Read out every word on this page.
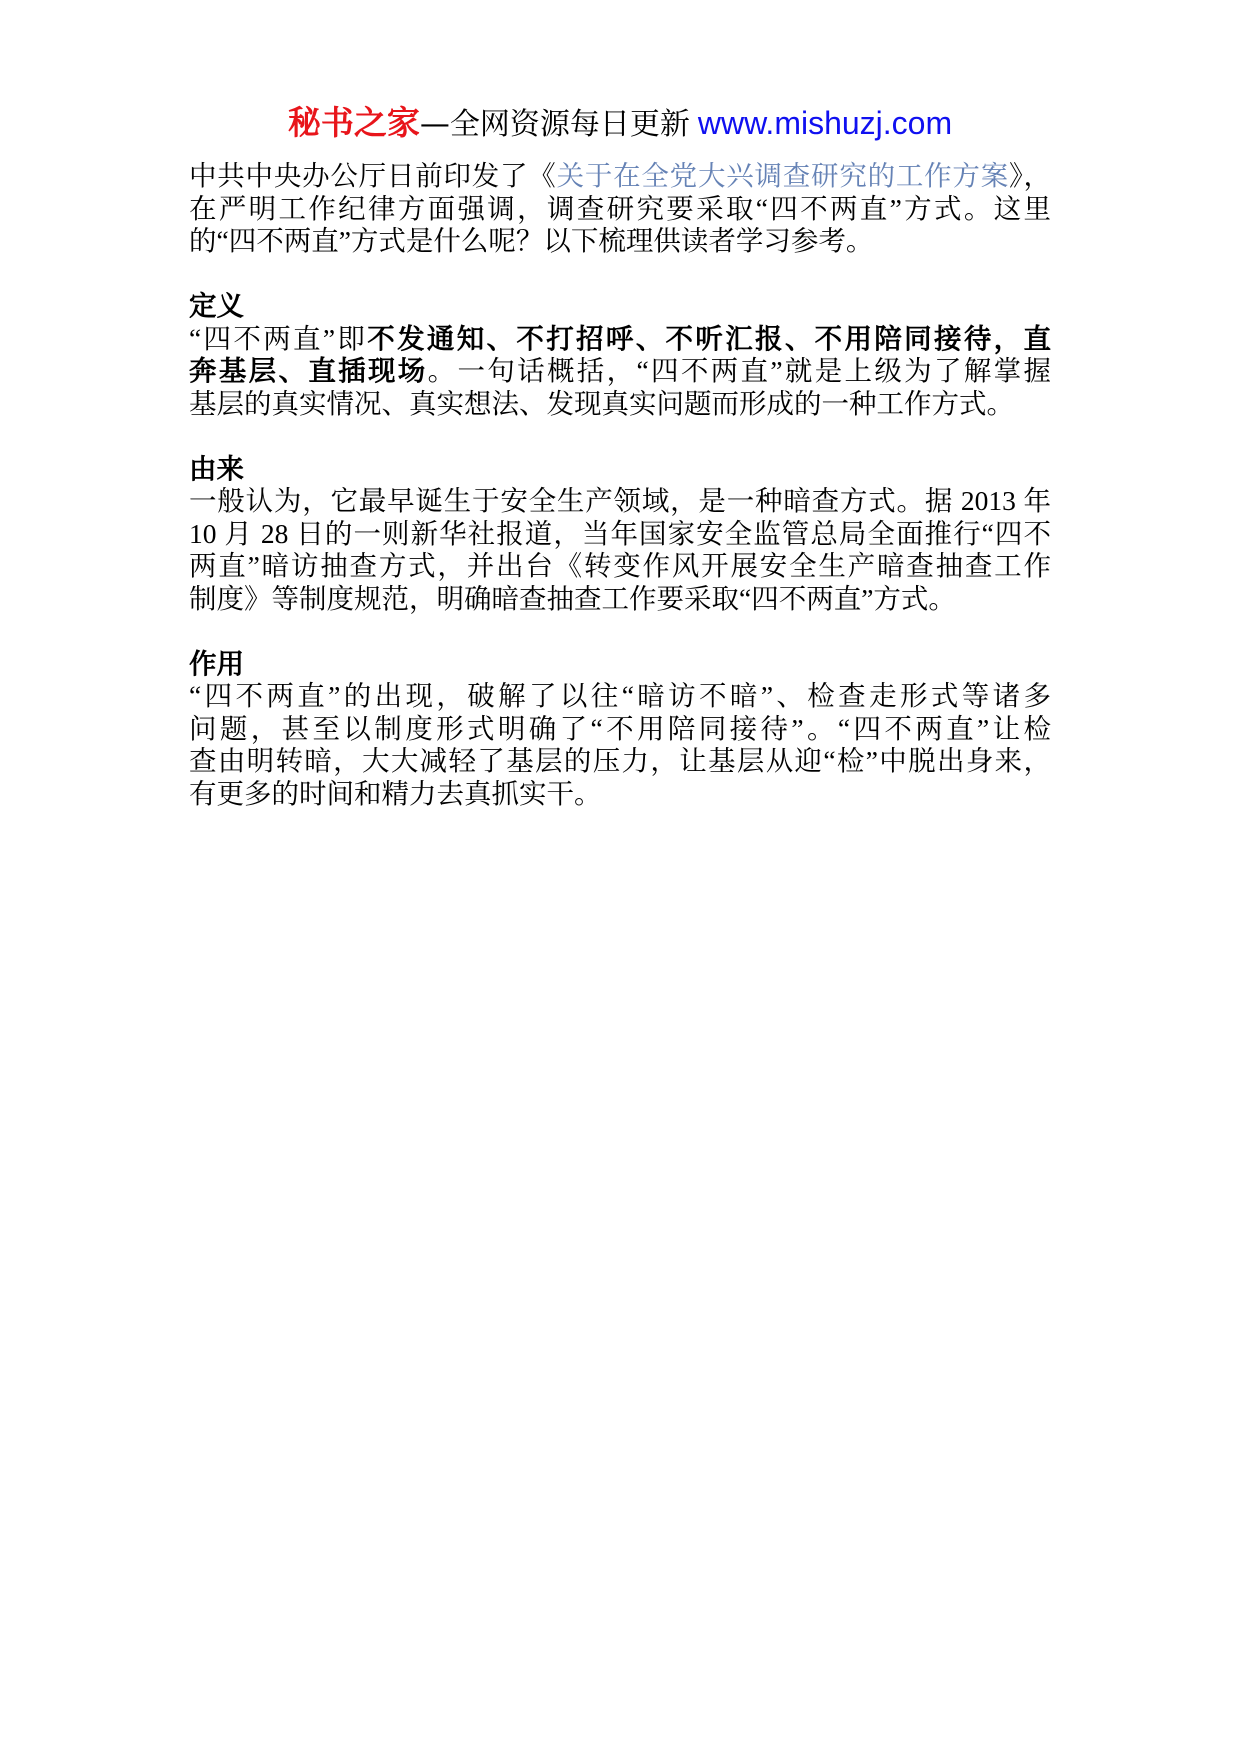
秘书之家—全网资源每日更新 www.mishuzj.com
中共中央办公厅日前印发了《关于在全党大兴调查研究的工作方案》，
在严明工作纪律方面强调，调查研究要采取“四不两直”方式。这里
的“四不两直”方式是什么呢？以下梳理供读者学习参考。
定义
“四不两直”即不发通知、不打招呼、不听汇报、不用陪同接待，直
奔基层、直插现场。一句话概括，“四不两直”就是上级为了解掌握
基层的真实情况、真实想法、发现真实问题而形成的一种工作方式。
由来
一般认为，它最早诞生于安全生产领域，是一种暗查方式。据 2013 年
10 月 28 日的一则新华社报道，当年国家安全监管总局全面推行“四不
两直”暗访抽查方式，并出台《转变作风开展安全生产暗查抽查工作
制度》等制度规范，明确暗查抽查工作要采取“四不两直”方式。
作用
“四不两直”的出现，破解了以往“暗访不暗”、检查走形式等诸多
问题，甚至以制度形式明确了“不用陪同接待”。“四不两直”让检
查由明转暗，大大减轻了基层的压力，让基层从迎“检”中脱出身来，
有更多的时间和精力去真抓实干。
